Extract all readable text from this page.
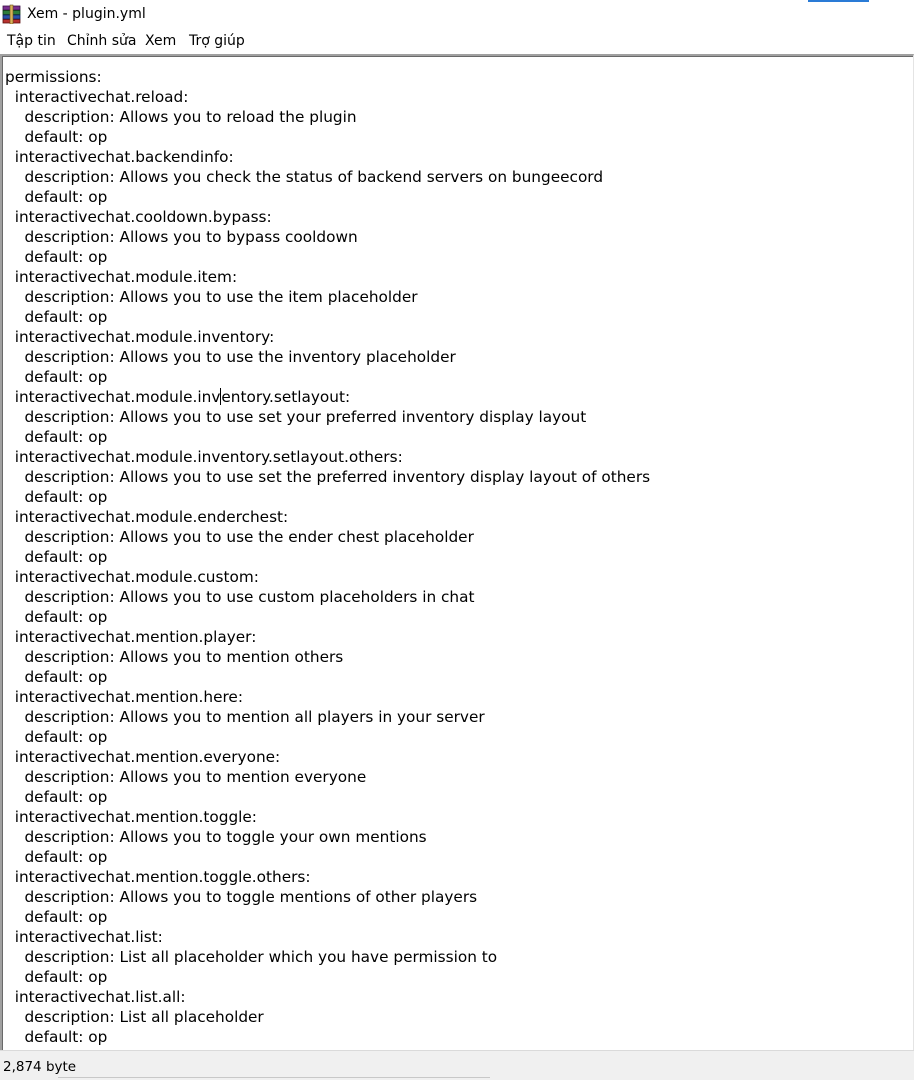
Xem - plugin.yml
Tập tin Chỉnh sửa Xem Trợ giúp
permissions:
interactivechat.reload:
description: Allows you to reload the plugin
default: op
interactivechat.backendinfo:
description: Allows you check the status of backend servers on bungeecord
default: op
interactivechat.cooldown.bypass:
description: Allows you to bypass cooldown
default: op
interactivechat.module.item:
description: Allows you to use the item placeholder
default: op
interactivechat.module.inventory:
description: Allows you to use the inventory placeholder
default: op
interactivechat.module.inventory.setlayout:
description: Allows you to use set your preferred inventory display layout
default: op
interactivechat.module.inventory.setlayout.others:
description: Allows you to use set the preferred inventory display layout of others
default: op
interactivechat.module.enderchest:
description: Allows you to use the ender chest placeholder
default: op
interactivechat.module.custom:
description: Allows you to use custom placeholders in chat
default: op
interactivechat.mention.player:
description: Allows you to mention others
default: op
interactivechat.mention.here:
description: Allows you to mention all players in your server
default: op
interactivechat.mention.everyone:
description: Allows you to mention everyone
default: op
interactivechat.mention.toggle:
description: Allows you to toggle your own mentions
default: op
interactivechat.mention.toggle.others:
description: Allows you to toggle mentions of other players
default: op
interactivechat.list:
description: List all placeholder which you have permission to
default: op
interactivechat.list.all:
description: List all placeholder
default: op
2,874 byte
